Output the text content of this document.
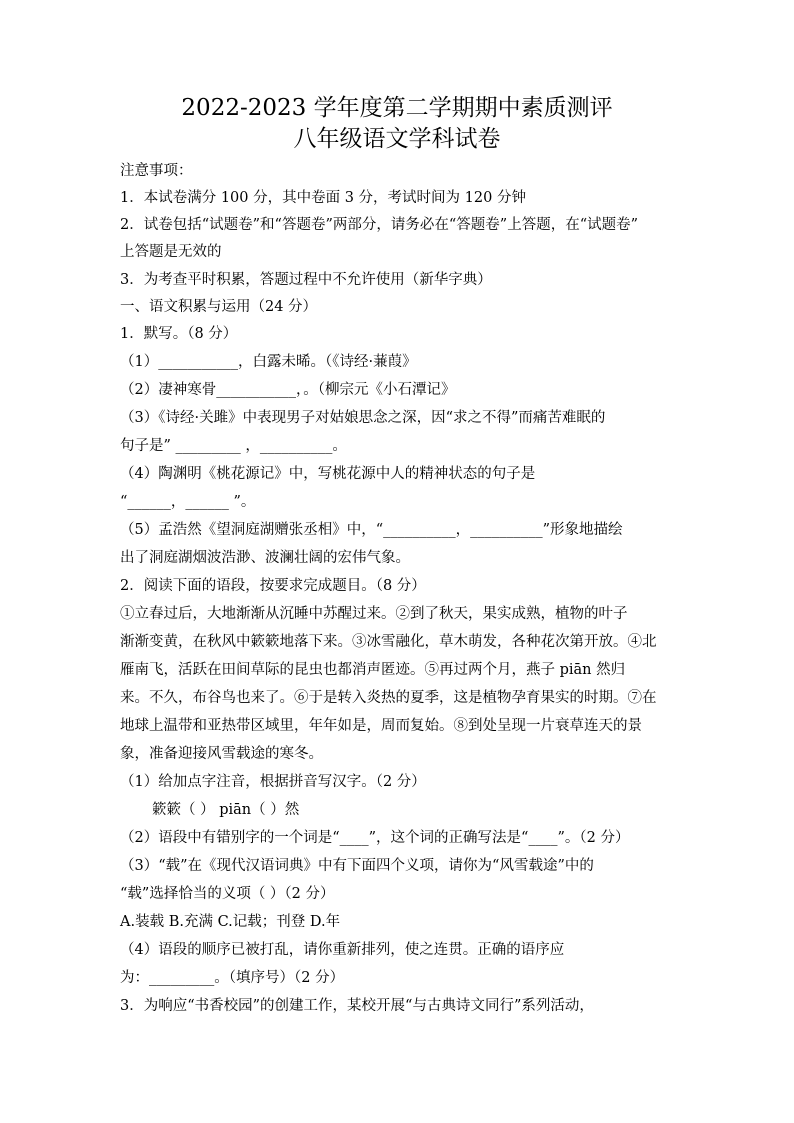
2022-2023 学年度第二学期期中素质测评
八年级语文学科试卷
注意事项：
1．本试卷满分 100 分，其中卷面 3 分，考试时间为 120 分钟
2．试卷包括“试题卷”和“答题卷”两部分，请务必在“答题卷”上答题，在“试题卷”
上答题是无效的
3．为考查平时积累，答题过程中不允许使用（新华字典）
一、语文积累与运用（24 分）
1．默写。（8 分）
（1）___________，白露未晞。（《诗经·蒹葭》
（2）凄神寒骨___________，。（柳宗元《小石潭记》
（3）《诗经·关雎》中表现男子对姑娘思念之深，因“求之不得”而痛苦难眠的
句子是” _________ ，__________。
（4）陶渊明《桃花源记》中，写桃花源中人的精神状态的句子是
“______，______ ”。
（5）孟浩然《望洞庭湖赠张丞相》中，“__________，__________”形象地描绘
出了洞庭湖烟波浩渺、波澜壮阔的宏伟气象。
2．阅读下面的语段，按要求完成题目。（8 分）
①立春过后，大地渐渐从沉睡中苏醒过来。②到了秋天，果实成熟，植物的叶子
渐渐变黄，在秋风中簌簌地落下来。③冰雪融化，草木萌发，各种花次第开放。④北
雁南飞，活跃在田间草际的昆虫也都消声匿迹。⑤再过两个月，燕子 piān 然归
来。不久，布谷鸟也来了。⑥于是转入炎热的夏季，这是植物孕育果实的时期。⑦在
地球上温带和亚热带区域里，年年如是，周而复始。⑧到处呈现一片衰草连天的景
象，准备迎接风雪载途的寒冬。
（1）给加点字注音，根据拼音写汉字。（2 分）
簌簌（ ） piān（ ）然
（2）语段中有错别字的一个词是“____”，这个词的正确写法是“____”。（2 分）
（3）“载”在《现代汉语词典》中有下面四个义项，请你为“风雪载途”中的
“载”选择恰当的义项（ ）（2 分）
A.装载 B.充满 C.记载；刊登 D.年
（4）语段的顺序已被打乱，请你重新排列，使之连贯。正确的语序应
为：_________。（填序号）（2 分）
3．为响应“书香校园”的创建工作，某校开展“与古典诗文同行”系列活动，
